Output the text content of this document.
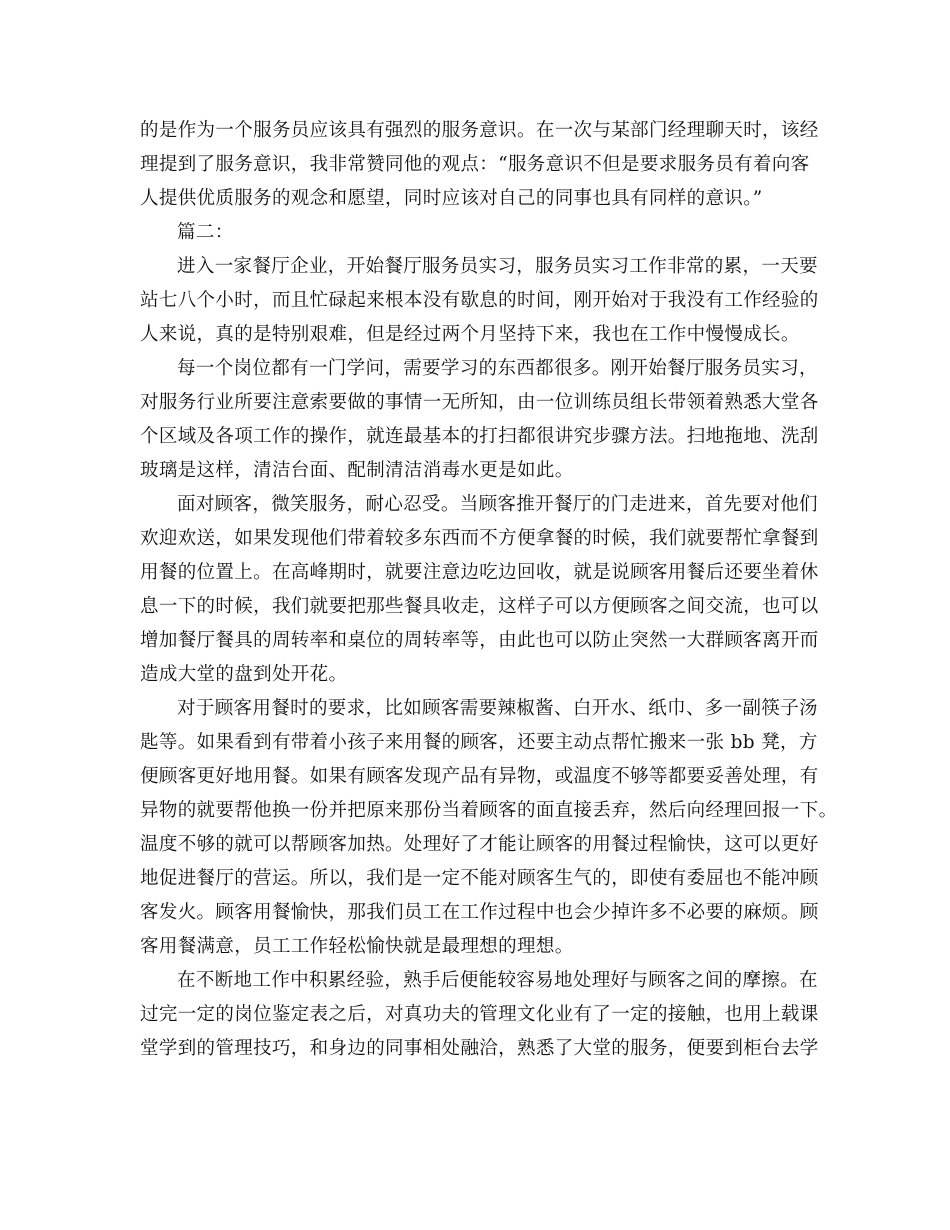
的是作为一个服务员应该具有强烈的服务意识。在一次与某部门经理聊天时，该经
理提到了服务意识，我非常赞同他的观点：“服务意识不但是要求服务员有着向客
人提供优质服务的观念和愿望，同时应该对自己的同事也具有同样的意识。”
篇二：
进入一家餐厅企业，开始餐厅服务员实习，服务员实习工作非常的累，一天要
站七八个小时，而且忙碌起来根本没有歇息的时间，刚开始对于我没有工作经验的
人来说，真的是特别艰难，但是经过两个月坚持下来，我也在工作中慢慢成长。
每一个岗位都有一门学问，需要学习的东西都很多。刚开始餐厅服务员实习，
对服务行业所要注意索要做的事情一无所知，由一位训练员组长带领着熟悉大堂各
个区域及各项工作的操作，就连最基本的打扫都很讲究步骤方法。扫地拖地、洗刮
玻璃是这样，清洁台面、配制清洁消毒水更是如此。
面对顾客，微笑服务，耐心忍受。当顾客推开餐厅的门走进来，首先要对他们
欢迎欢送，如果发现他们带着较多东西而不方便拿餐的时候，我们就要帮忙拿餐到
用餐的位置上。在高峰期时，就要注意边吃边回收，就是说顾客用餐后还要坐着休
息一下的时候，我们就要把那些餐具收走，这样子可以方便顾客之间交流，也可以
增加餐厅餐具的周转率和桌位的周转率等，由此也可以防止突然一大群顾客离开而
造成大堂的盘到处开花。
对于顾客用餐时的要求，比如顾客需要辣椒酱、白开水、纸巾、多一副筷子汤
匙等。如果看到有带着小孩子来用餐的顾客，还要主动点帮忙搬来一张 bb 凳，方
便顾客更好地用餐。如果有顾客发现产品有异物，或温度不够等都要妥善处理，有
异物的就要帮他换一份并把原来那份当着顾客的面直接丢弃，然后向经理回报一下。
温度不够的就可以帮顾客加热。处理好了才能让顾客的用餐过程愉快，这可以更好
地促进餐厅的营运。所以，我们是一定不能对顾客生气的，即使有委屈也不能冲顾
客发火。顾客用餐愉快，那我们员工在工作过程中也会少掉许多不必要的麻烦。顾
客用餐满意，员工工作轻松愉快就是最理想的理想。
在不断地工作中积累经验，熟手后便能较容易地处理好与顾客之间的摩擦。在
过完一定的岗位鉴定表之后，对真功夫的管理文化业有了一定的接触，也用上载课
堂学到的管理技巧，和身边的同事相处融洽，熟悉了大堂的服务，便要到柜台去学
